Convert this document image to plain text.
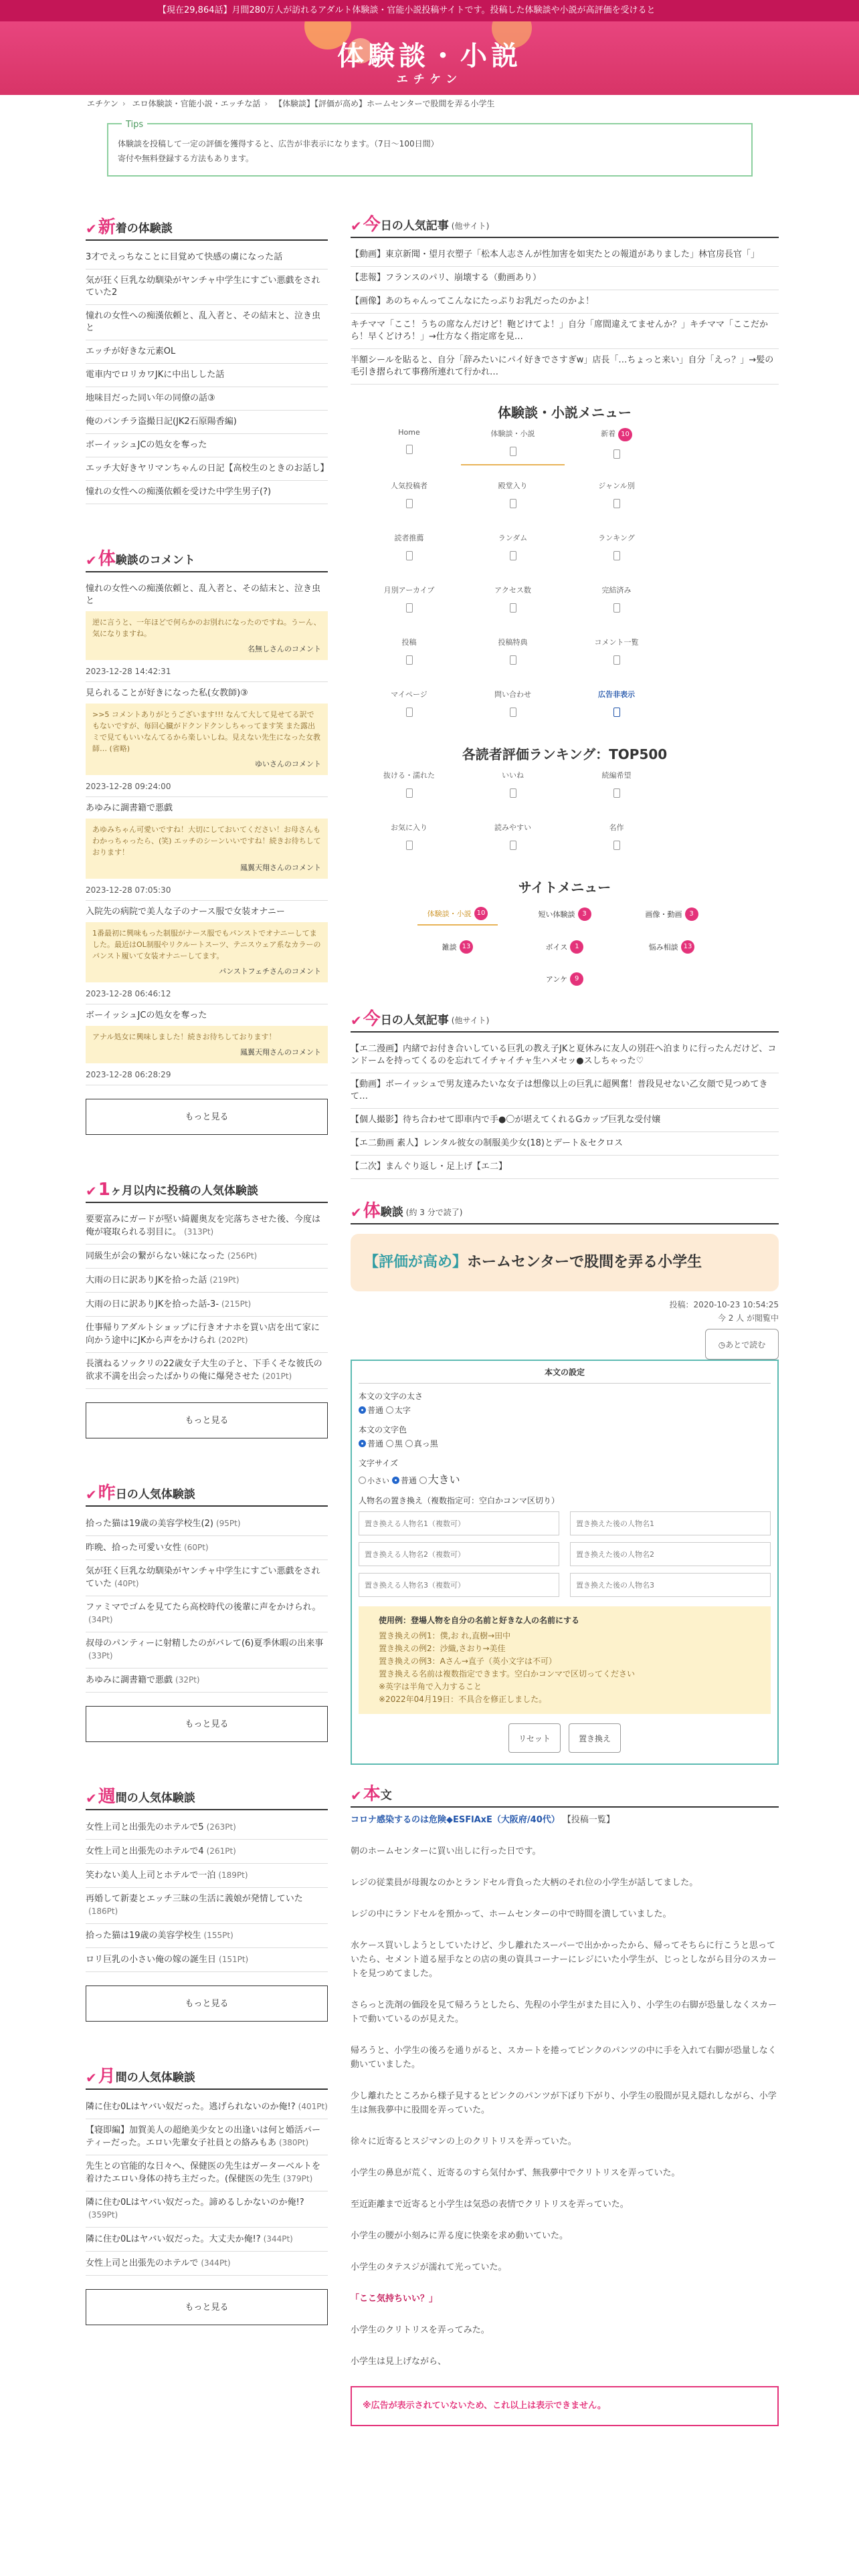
【現在29,864話】月間280万人が訪れるアダルト体験談・官能小説投稿サイトです。投稿した体験談や小説が高評価を受けると
体験談・小説
エチケン
エチケン › エロ体験談・官能小説・エッチな話 › 【体験談】【評価が高め】ホームセンターで股間を弄る小学生
Tips
体験談を投稿して一定の評価を獲得すると、広告が非表示になります。（7日〜100日間）
寄付や無料登録する方法もあります。
✔ 新 着の体験談
3才でえっちなことに目覚めて快感の虜になった話
気が狂く巨乳な幼馴染がヤンチャ中学生にすごい悪戯をされていた2
憧れの女性への痴漢依頼と、乱入者と、その結末と、泣き虫と
エッチが好きな元素OL
電車内でロリカワJKに中出しした話
地味目だった同い年の同僚の話③
俺のパンチラ盗撮日記(JK2石原陽香編)
ボーイッシュJCの処女を奪った
エッチ大好きヤリマンちゃんの日記【高校生のときのお話し】
憧れの女性への痴漢依頼を受けた中学生男子(?)
✔ 体 験談のコメント
憧れの女性への痴漢依頼と、乱入者と、その結末と、泣き虫と
逆に言うと、一年ほどで何らかのお別れになったのですね。うーん、気になりますね。
名無しさんのコメント
2023-12-28 14:42:31
見られることが好きになった私(女教師)③
>>5 コメントありがとうございます!!! なんて大して見せてる訳でもないですが、毎回心臓がドクンドクンしちゃってます笑 また露出ミで見てもいいなんてるから楽しいしね。見えない先生になった女教師… (省略)
ゆいさんのコメント
2023-12-28 09:24:00
あゆみに調書籍で悪戯
あゆみちゃん可愛いですね！大切にしておいてください！お母さんもわかっちゃったら、(笑) エッチのシーンいいですね！続きお待ちしております！
鳳翼天翔さんのコメント
2023-12-28 07:05:30
入院先の病院で美人な子のナース服で女装オナニー
1番最初に興味もった制服がナース服でもパンストでオナニーしてました。最近はOL制服やリクルートスーツ、テニスウェア系なカラーのパンスト履いて女装オナニーしてます。
パンストフェチさんのコメント
2023-12-28 06:46:12
ボーイッシュJCの処女を奪った
アナル処女に興味しました！続きお待ちしております！
鳳翼天翔さんのコメント
2023-12-28 06:28:29
もっと見る
✔ 1 ヶ月以内に投稿の人気体験談
要要富みにガードが堅い綺麗奥友を完落ちさせた後、今度は俺が寝取られる羽目に。 (313Pt)
同級生が会の繋がらない妹になった (256Pt)
大雨の日に訳ありJKを拾った話 (219Pt)
大雨の日に訳ありJKを拾った話-3- (215Pt)
仕事帰りアダルトショップに行きオナホを買い店を出て家に向かう途中にJKから声をかけられ (202Pt)
長濱ねるソックリの22歳女子大生の子と、下手くそな彼氏の欲求不満を出会ったばかりの俺に爆発させた (201Pt)
もっと見る
✔ 昨 日の人気体験談
拾った猫は19歳の美容学校生(2) (95Pt)
昨晩、拾った可愛い女性 (60Pt)
気が狂く巨乳な幼馴染がヤンチャ中学生にすごい悪戯をされていた (40Pt)
ファミマでゴムを見てたら高校時代の後輩に声をかけられ。(34Pt)
叔母のパンティーに射精したのがバレて(6)夏季休暇の出来事(33Pt)
あゆみに調書籍で悪戯 (32Pt)
もっと見る
✔ 週 間の人気体験談
女性上司と出張先のホテルで5 (263Pt)
女性上司と出張先のホテルで4 (261Pt)
笑わない美人上司とホテルで一泊 (189Pt)
再婚して新妻とエッチ三昧の生活に義娘が発情していた(186Pt)
拾った猫は19歳の美容学校生 (155Pt)
ロリ巨乳の小さい俺の嫁の誕生日 (151Pt)
もっと見る
✔ 月 間の人気体験談
隣に住む0Lはヤバい奴だった。逃げられないのか俺!? (401Pt)
【寝即編】加賀美人の超絶美少女との出逢いは何と婚活パーティーだった。エロい先輩女子社員との絡みもあ (380Pt)
先生との官能的な日々へ、保健医の先生はガーターベルトを着けたエロい身体の持ち主だった。(保健医の先生 (379Pt)
隣に住む0Lはヤバい奴だった。諦めるしかないのか俺!?(359Pt)
隣に住む0Lはヤバい奴だった。大丈夫か俺!? (344Pt)
女性上司と出張先のホテルで (344Pt)
もっと見る
✔ 今 日の人気記事 (他サイト)
【動画】東京新聞・望月衣塑子「松本人志さんが性加害を如実たとの報道がありました」林官房長官「」
【悲報】フランスのパリ、崩壊する（動画あり）
【画像】あのちゃんってこんなにたっぷりお乳だったのかよ！
キチママ「ここ！うちの席なんだけど！鞄どけてよ！」自分「席間違えてませんか？」キチママ「ここだから！早くどけろ！」→仕方なく指定席を見…
半額シールを貼ると、自分「辞みたいにパイ好きでさすぎw」店長「…ちょっと来い」自分「えっ？」→髪の毛引き摺られて事務所連れて行かれ…
体験談・小説メニュー
Home	体験談・小説	新着 10
人気投稿者	殿堂入り	ジャンル別
読者推薦	ランダム	ランキング
月別アーカイブ	アクセス数	完結済み
投稿	投稿特典	コメント一覧
マイページ	問い合わせ	広告非表示
各読者評価ランキング：TOP500
抜ける・濡れた	いいね	続編希望
お気に入り	読みやすい	名作
サイトメニュー
体験談・小説 10	短い体験談	3	画像・動画	3
雑談 13	ボイス	1	悩み相談 13
アンケ	9
✔ 今 日の人気記事 (他サイト)
【エ二漫画】内緒でお付き合いしている巨乳の教え子JKと夏休みに友人の別荘へ泊まりに行ったんだけど、コンドームを持ってくるのを忘れてイチャイチャ生ハメセッ●スしちゃった♡
【動画】ボーイッシュで男友達みたいな女子は想像以上の巨乳に超興奮！普段見せない乙女顔で見つめてきて…
【個人撮影】待ち合わせて即車内で手●〇が堪えてくれるGカップ巨乳な受付嬢
【エ二動画 素人】レンタル彼女の制服美少女(18)とデート＆セクロス
【二次】まんぐり返し・足上げ【エ二】
✔ 体 験談 (約 3 分で読了)
【評価が高め】ホームセンターで股間を弄る小学生
投稿：2020-10-23 10:54:25
今 2 人 が閲覧中
◷あとで読む
本文の設定
本文の文字の太さ
普通 太字
本文の文字色
普通 黒 真っ黒
文字サイズ
小さい 普通 大きい
人物名の置き換え（複数指定可：空白かコンマ区切り）
置き換える人物名1（複数可）
置き換えた後の人物名1
置き換える人物名2（複数可）
置き換えた後の人物名2
置き換える人物名3（複数可）
置き換えた後の人物名3
使用例：登場人物を自分の名前と好きな人の名前にする
置き換えの例1：僕,お れ,直樹→田中
置き換えの例2：沙織,さおり→美佳
置き換えの例3：Aさん→直子（英小文字は不可）
置き換える名前は複数指定できます。空白かコンマで区切ってください
※英字は半角で入力すること
※2022年04月19日：不具合を修正しました。
リセット	置き換え
✔ 本 文

コロナ感染するのは危険◆ESFlAxE（大阪府/40代） 【投稿一覧】

朝のホームセンターに買い出しに行った日です。

レジの従業員が母親なのかとランドセル背負った大柄のそれ位の小学生が話してました。

レジの中にランドセルを預かって、ホームセンターの中で時間を潰していました。

水ケース買いしようとしていたけど、少し離れたスーパーで出かかったから、帰ってそちらに行こうと思っていたら、セメント道る屋手なとの店の奥の資具コーナーにレジにいた小学生が、じっとしながら目分のスカートを見つめてました。

さらっと洗剤の価段を見て帰ろうとしたら、先程の小学生がまた目に入り、小学生の右脚が恐量しなくスカートで動いているのが見えた。

帰ろうと、小学生の後ろを通りがると、スカートを捲ってピンクのパンツの中に手を入れて右脚が恐量しなく動いていました。

少し離れたところから様子見するとピンクのパンツが下ぼり下がり、小学生の股間が見え隠れしながら、小学生は無我夢中に股間を弄っていた。

徐々に近寄るとスジマンの上のクリトリスを弄っていた。

小学生の鼻息が荒く、近寄るのすら気付かず、無我夢中でクリトリスを弄っていた。

至近距離まで近寄ると小学生は気恐の表情でクリトリスを弄っていた。

小学生の腰が小刻みに弄る度に快楽を求め動いていた。

小学生のタテスジが濡れて光っていた。

「ここ気持ちいい？」

小学生のクリトリスを弄ってみた。

小学生は見上げながら、

※広告が表示されていないため、これ以上は表示できません。
